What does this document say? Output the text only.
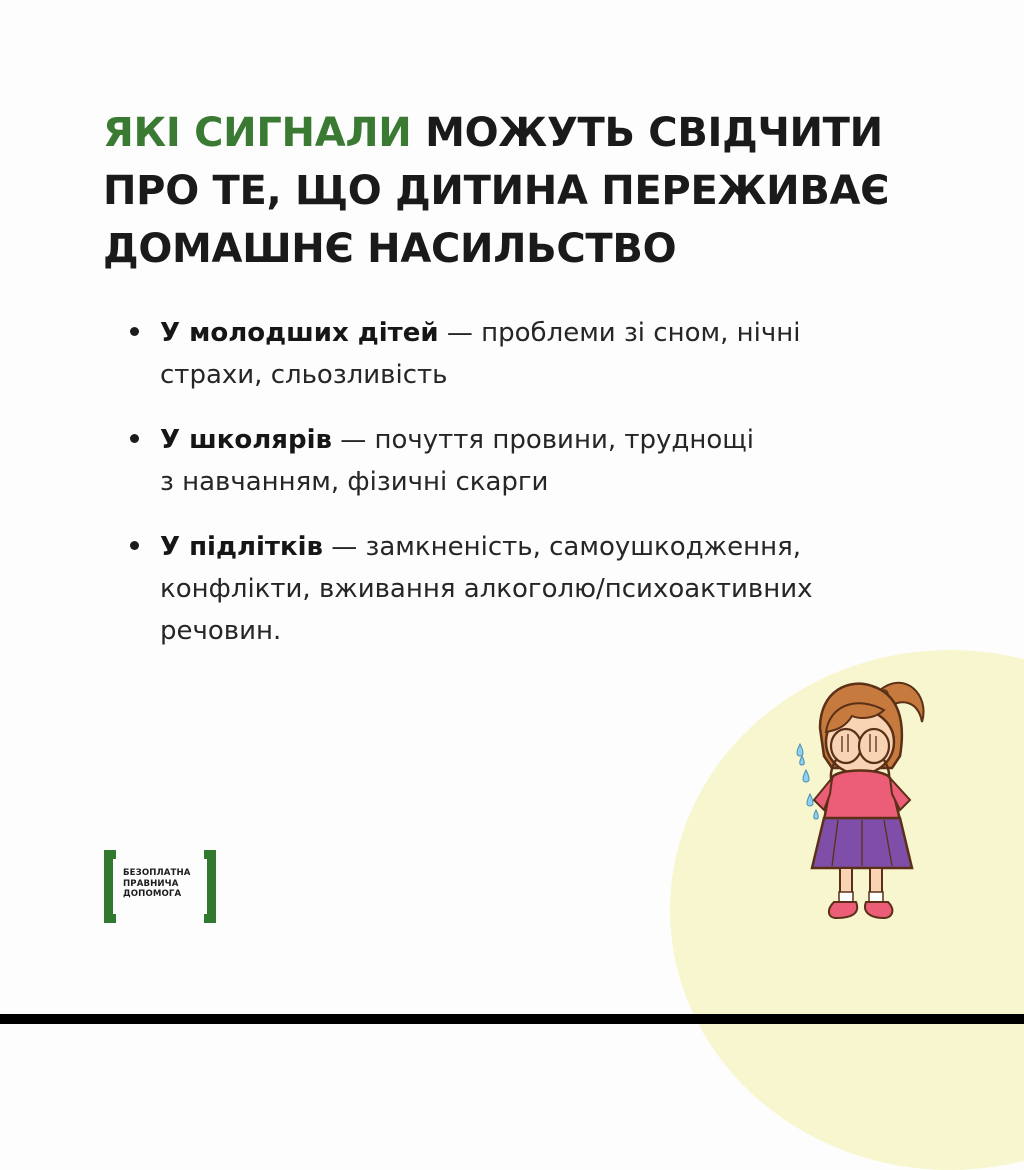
ЯКІ СИГНАЛИ МОЖУТЬ СВІДЧИТИ
ПРО ТЕ, ЩО ДИТИНА ПЕРЕЖИВАЄ
ДОМАШНЄ НАСИЛЬСТВО
У молодших дітей — проблеми зі сном, нічні
страхи, сльозливість
У школярів — почуття провини, труднощі
з навчанням, фізичні скарги
У підлітків — замкненість, самоушкодження,
конфлікти, вживання алкоголю/психоактивних
речовин.
БЕЗОПЛАТНА
ПРАВНИЧА
ДОПОМОГА
